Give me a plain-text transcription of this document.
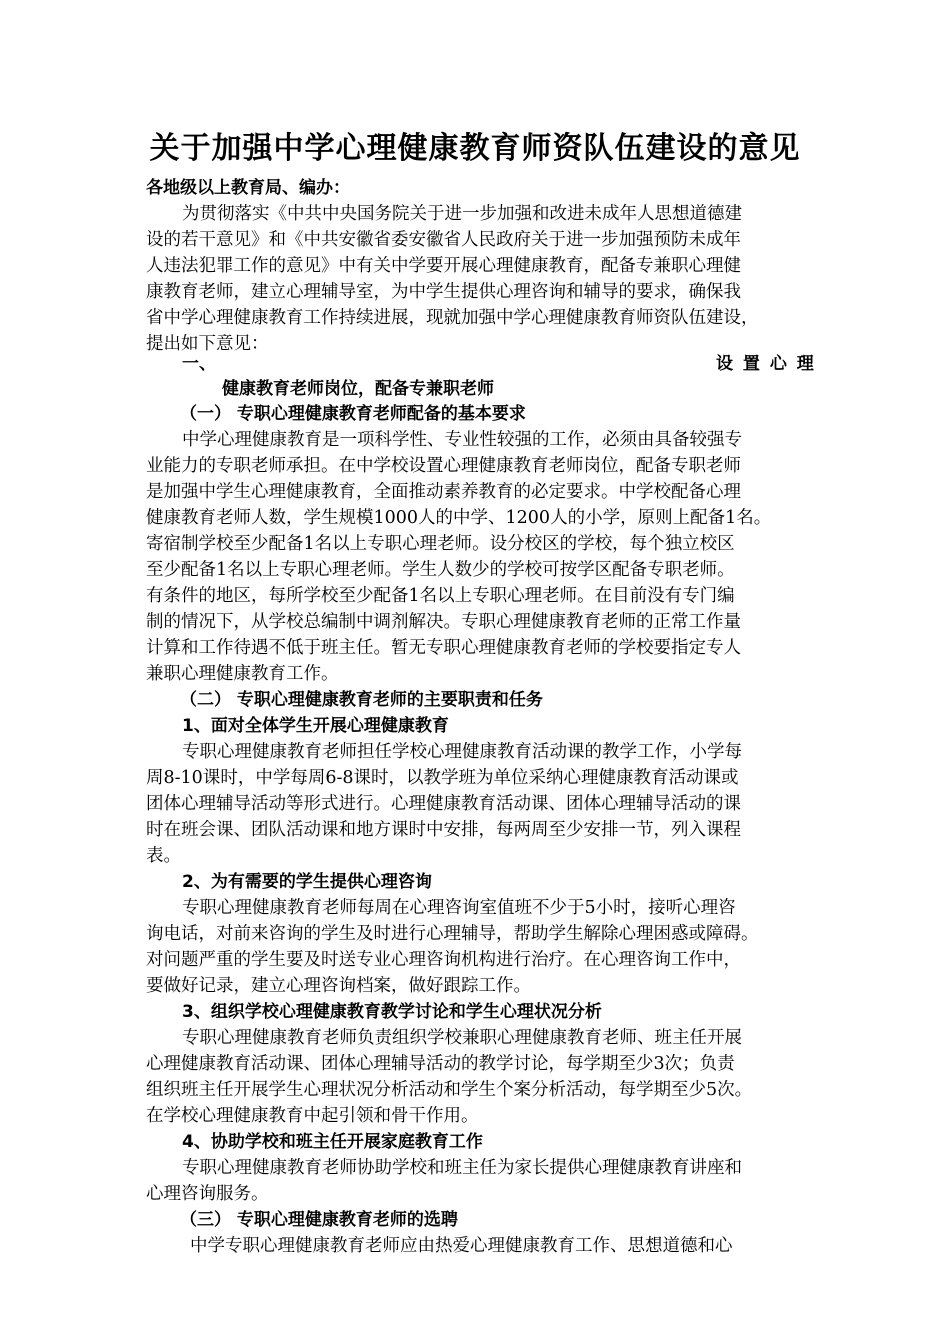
关于加强中学心理健康教育师资队伍建设的意见
各地级以上教育局、编办：
为贯彻落实《中共中央国务院关于进一步加强和改进未成年人思想道德建
设的若干意见》和《中共安徽省委安徽省人民政府关于进一步加强预防未成年
人违法犯罪工作的意见》中有关中学要开展心理健康教育，配备专兼职心理健
康教育老师，建立心理辅导室，为中学生提供心理咨询和辅导的要求，确保我
省中学心理健康教育工作持续进展，现就加强中学心理健康教育师资队伍建设，
提出如下意见：
一、	设 置 心 理
健康教育老师岗位，配备专兼职老师
（一） 专职心理健康教育老师配备的基本要求
中学心理健康教育是一项科学性、专业性较强的工作，必须由具备较强专
业能力的专职老师承担。在中学校设置心理健康教育老师岗位，配备专职老师
是加强中学生心理健康教育，全面推动素养教育的必定要求。中学校配备心理
健康教育老师人数，学生规模1000人的中学、1200人的小学，原则上配备1名。
寄宿制学校至少配备1名以上专职心理老师。设分校区的学校，每个独立校区
至少配备1名以上专职心理老师。学生人数少的学校可按学区配备专职老师。
有条件的地区，每所学校至少配备1名以上专职心理老师。在目前没有专门编
制的情况下，从学校总编制中调剂解决。专职心理健康教育老师的正常工作量
计算和工作待遇不低于班主任。暂无专职心理健康教育老师的学校要指定专人
兼职心理健康教育工作。
（二） 专职心理健康教育老师的主要职责和任务
1、面对全体学生开展心理健康教育
专职心理健康教育老师担任学校心理健康教育活动课的教学工作，小学每
周8-10课时，中学每周6-8课时，以教学班为单位采纳心理健康教育活动课或
团体心理辅导活动等形式进行。心理健康教育活动课、团体心理辅导活动的课
时在班会课、团队活动课和地方课时中安排，每两周至少安排一节，列入课程
表。
2、为有需要的学生提供心理咨询
专职心理健康教育老师每周在心理咨询室值班不少于5小时，接听心理咨
询电话，对前来咨询的学生及时进行心理辅导，帮助学生解除心理困惑或障碍。
对问题严重的学生要及时送专业心理咨询机构进行治疗。在心理咨询工作中，
要做好记录，建立心理咨询档案，做好跟踪工作。
3、组织学校心理健康教育教学讨论和学生心理状况分析
专职心理健康教育老师负责组织学校兼职心理健康教育老师、班主任开展
心理健康教育活动课、团体心理辅导活动的教学讨论，每学期至少3次；负责
组织班主任开展学生心理状况分析活动和学生个案分析活动，每学期至少5次。
在学校心理健康教育中起引领和骨干作用。
4、协助学校和班主任开展家庭教育工作
专职心理健康教育老师协助学校和班主任为家长提供心理健康教育讲座和
心理咨询服务。
（三） 专职心理健康教育老师的选聘
中学专职心理健康教育老师应由热爱心理健康教育工作、思想道德和心
